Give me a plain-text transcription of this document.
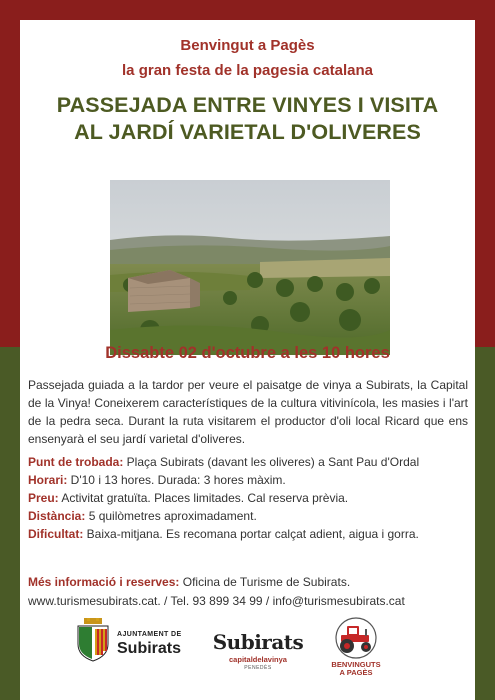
Benvingut a Pagès
la gran festa de la pagesia catalana
PASSEJADA ENTRE VINYES I VISITA
AL JARDÍ VARIETAL D'OLIVERES
Dissabte 02 d'octubre a les 10 hores
Passejada guiada a la tardor per veure el paisatge de vinya a Subirats, la Capital de la Vinya! Coneixerem característiques de la cultura vitivinícola, les masies i l'art de la pedra seca. Durant la ruta visitarem el productor d'oli local Ricard que ens ensenyarà el seu jardí varietal d'oliveres.
Punt de trobada: Plaça Subirats (davant les oliveres) a Sant Pau d'Ordal
Horari: D'10 i 13 hores. Durada: 3 hores màxim.
Preu: Activitat gratuïta. Places limitades. Cal reserva prèvia.
Distància: 5 quilòmetres aproximadament.
Dificultat: Baixa-mitjana. Es recomana portar calçat adient, aigua i gorra.
Més informació i reserves: Oficina de Turisme de Subirats.
www.turismesubirats.cat. / Tel. 93 899 34 99 / info@turismesubirats.cat
AJUNTAMENT DE
Subirats Subirats
capitaldelavinya
PENEDÈS	BENVINGUTS
A PAGÈS
